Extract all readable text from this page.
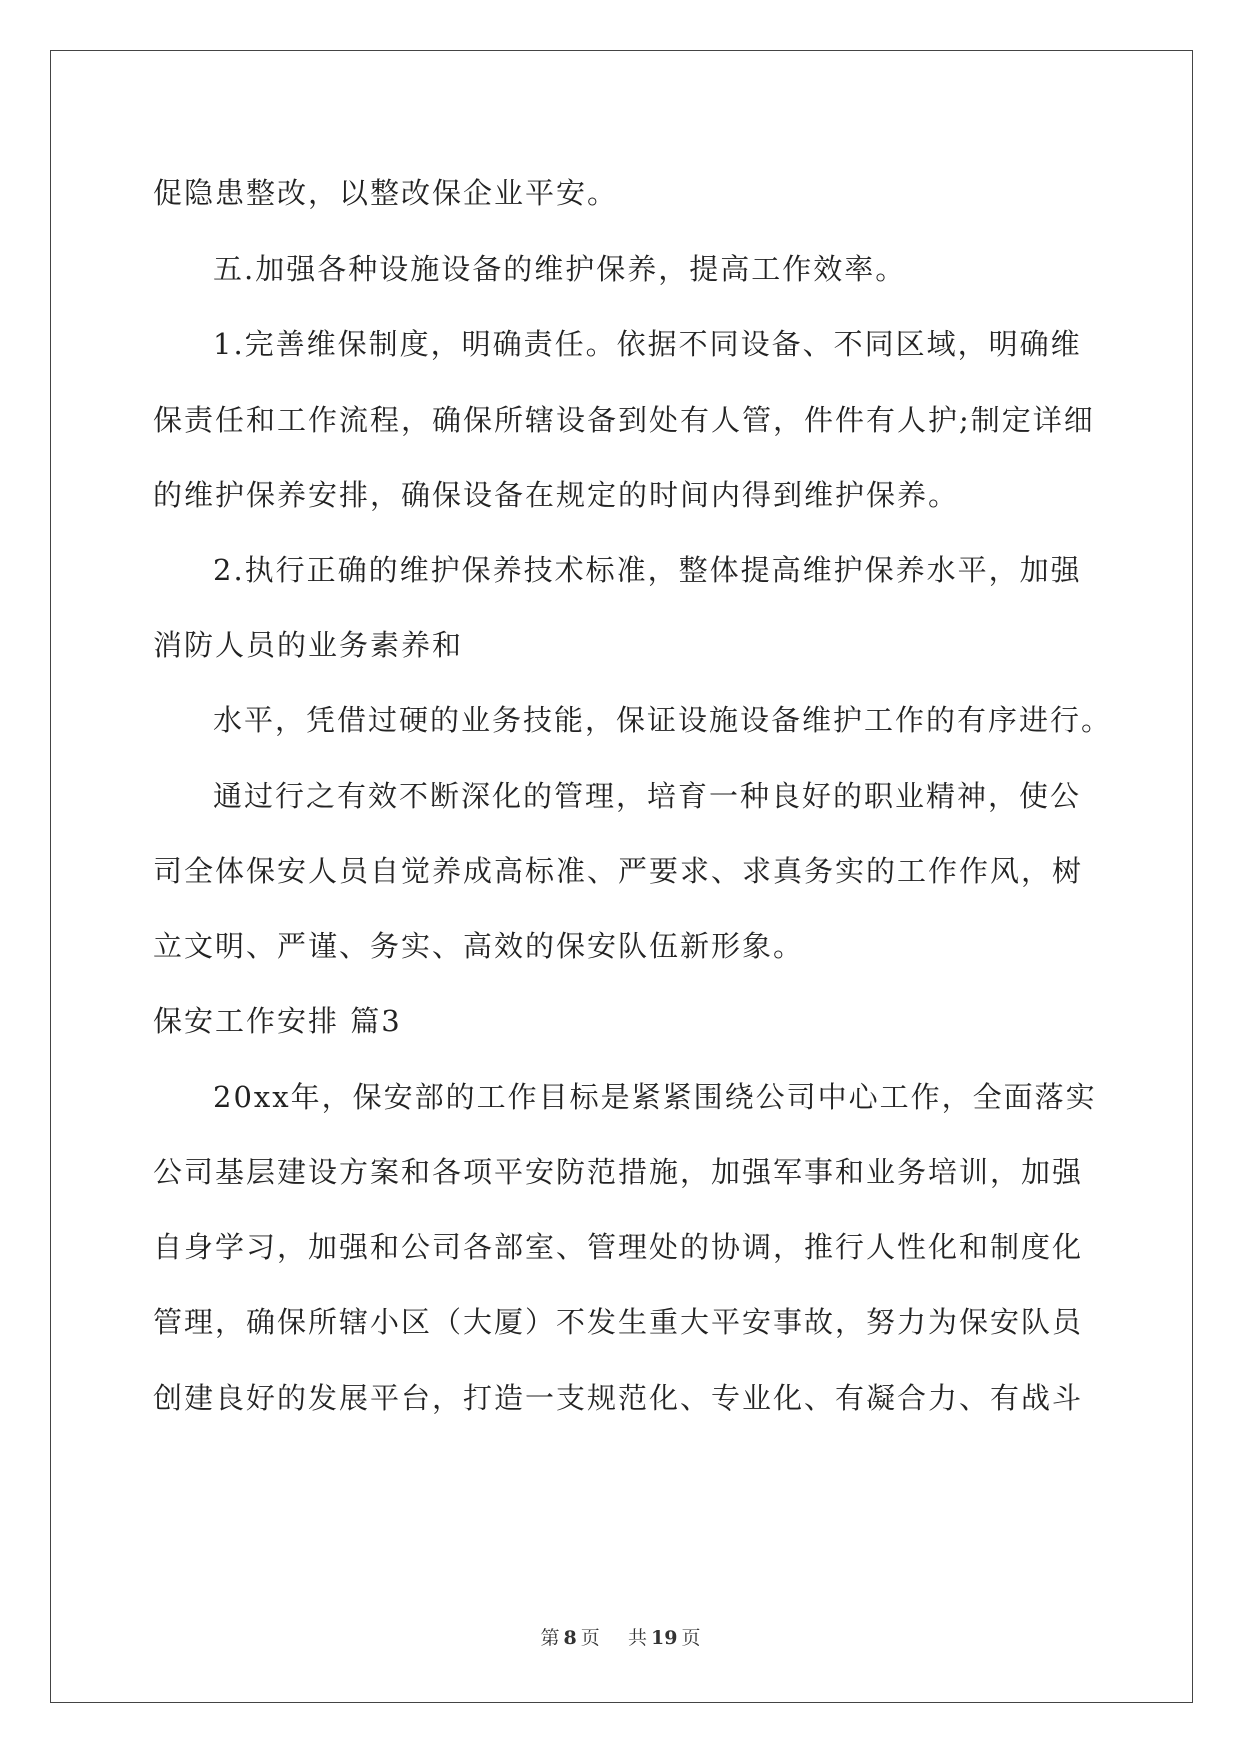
促隐患整改，以整改保企业平安。
五.加强各种设施设备的维护保养，提高工作效率。
1.完善维保制度，明确责任。依据不同设备、不同区域，明确维
保责任和工作流程，确保所辖设备到处有人管，件件有人护;制定详细
的维护保养安排，确保设备在规定的时间内得到维护保养。
2.执行正确的维护保养技术标准，整体提高维护保养水平，加强
消防人员的业务素养和
水平，凭借过硬的业务技能，保证设施设备维护工作的有序进行。
通过行之有效不断深化的管理，培育一种良好的职业精神，使公
司全体保安人员自觉养成高标准、严要求、求真务实的工作作风，树
立文明、严谨、务实、高效的保安队伍新形象。
保安工作安排 篇3
20xx年，保安部的工作目标是紧紧围绕公司中心工作，全面落实
公司基层建设方案和各项平安防范措施，加强军事和业务培训，加强
自身学习，加强和公司各部室、管理处的协调，推行人性化和制度化
管理，确保所辖小区（大厦）不发生重大平安事故，努力为保安队员
创建良好的发展平台，打造一支规范化、专业化、有凝合力、有战斗
第 8 页 共 19 页
